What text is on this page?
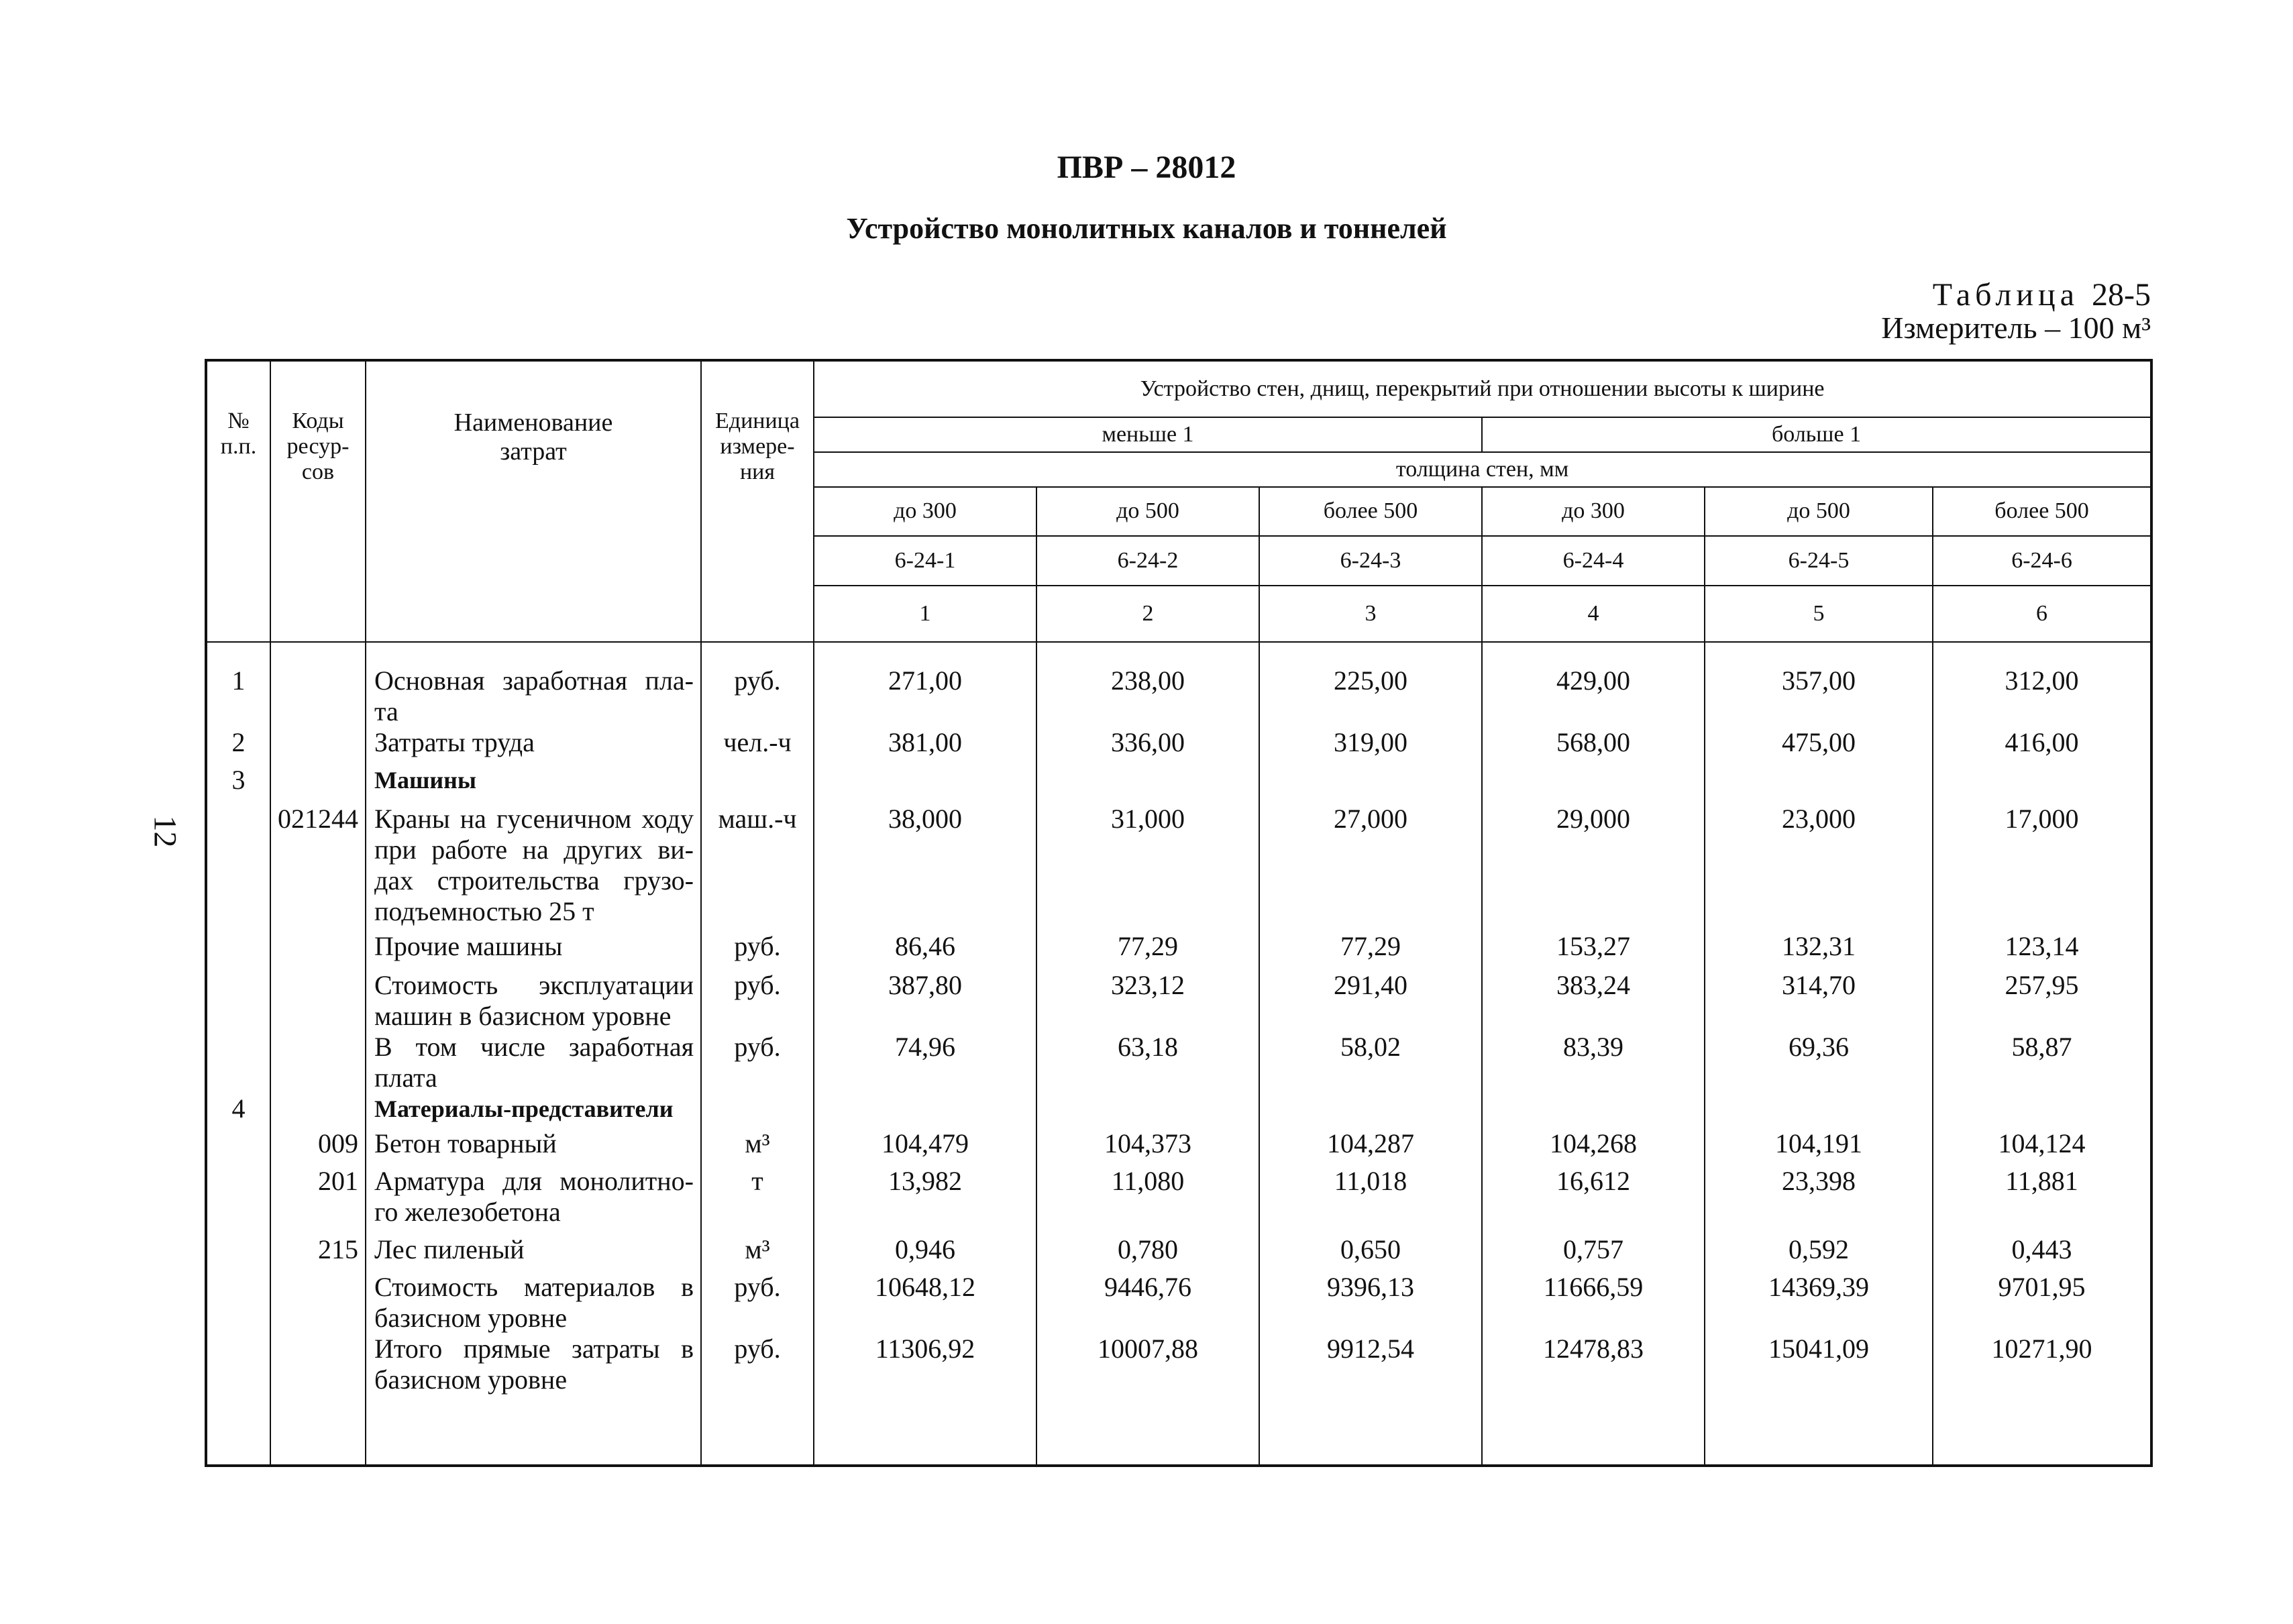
ПВР – 28012
Устройство монолитных каналов и тоннелей
Таблица 28-5
Измеритель – 100 м³
12
№ п.п.	Коды ресур- сов	Наименование затрат	Единица измере- ния	Устройство стен, днищ, перекрытий при отношении высоты к ширине					
				меньше 1			больше 1		
				толщина стен, мм					
				до 300	до 500	более 500	до 300	до 500	более 500
				6-24-1	6-24-2	6-24-3	6-24-4	6-24-5	6-24-6
				1	2	3	4	5	6
1		Основная заработная пла- та	руб.	271,00	238,00	225,00	429,00	357,00	312,00
2		Затраты труда	чел.-ч	381,00	336,00	319,00	568,00	475,00	416,00
3		Машины							
	021244	Краны на гусеничном ходу при работе на других ви- дах строительства грузо- подъемностью 25 т	маш.-ч	38,000	31,000	27,000	29,000	23,000	17,000
		Прочие машины	руб.	86,46	77,29	77,29	153,27	132,31	123,14
		Стоимость эксплуатации машин в базисном уровне	руб.	387,80	323,12	291,40	383,24	314,70	257,95
		В том числе заработная плата	руб.	74,96	63,18	58,02	83,39	69,36	58,87
4		Материалы-представители							
	009	Бетон товарный	м³	104,479	104,373	104,287	104,268	104,191	104,124
	201	Арматура для монолитно- го железобетона	т	13,982	11,080	11,018	16,612	23,398	11,881
	215	Лес пиленый	м³	0,946	0,780	0,650	0,757	0,592	0,443
		Стоимость материалов в базисном уровне	руб.	10648,12	9446,76	9396,13	11666,59	14369,39	9701,95
		Итого прямые затраты в базисном уровне	руб.	11306,92	10007,88	9912,54	12478,83	15041,09	10271,90
